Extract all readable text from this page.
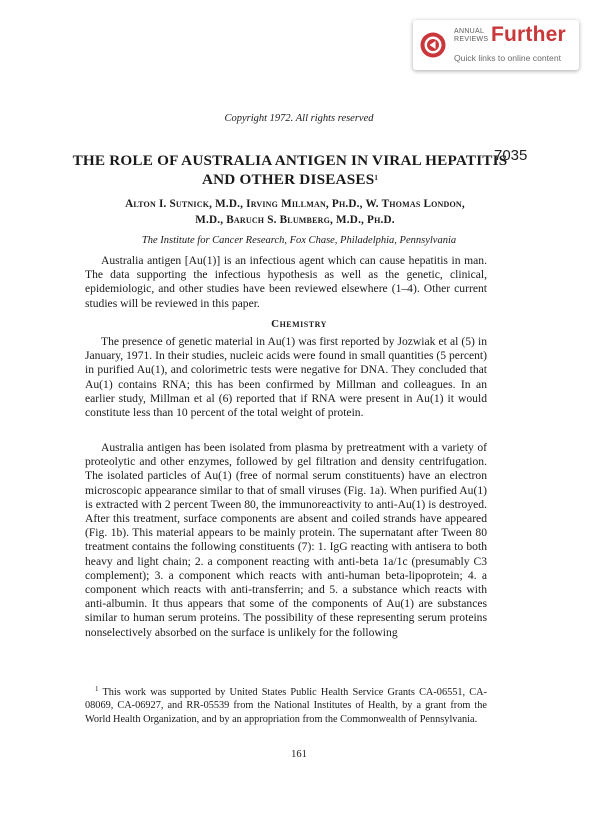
ANNUAL
REVIEWS Further
Quick links to online content
Copyright 1972. All rights reserved
THE ROLE OF AUSTRALIA ANTIGEN IN VIRAL HEPATITIS AND OTHER DISEASES$^1$
7035
Alton I. Sutnick, M.D., Irving Millman, Ph.D., W. Thomas London,
M.D., Baruch S. Blumberg, M.D., Ph.D.
The Institute for Cancer Research, Fox Chase, Philadelphia, Pennsylvania

Australia antigen [Au(1)] is an infectious agent which can cause hepatitis in man. The data supporting the infectious hypothesis as well as the genetic, clinical, epidemiologic, and other studies have been reviewed elsewhere (1–4). Other current studies will be reviewed in this paper.

Chemistry

The presence of genetic material in Au(1) was first reported by Jozwiak et al (5) in January, 1971. In their studies, nucleic acids were found in small quantities (5 percent) in purified Au(1), and colorimetric tests were negative for DNA. They concluded that Au(1) contains RNA; this has been confirmed by Millman and colleagues. In an earlier study, Millman et al (6) reported that if RNA were present in Au(1) it would constitute less than 10 percent of the total weight of protein.

Australia antigen has been isolated from plasma by pretreatment with a variety of proteolytic and other enzymes, followed by gel filtration and density centrifugation. The isolated particles of Au(1) (free of normal serum constituents) have an electron microscopic appearance similar to that of small viruses (Fig. 1a). When purified Au(1) is extracted with 2 percent Tween 80, the immunoreactivity to anti-Au(1) is destroyed. After this treatment, surface components are absent and coiled strands have appeared (Fig. 1b). This material appears to be mainly protein. The supernatant after Tween 80 treatment contains the following constituents (7): 1. IgG reacting with antisera to both heavy and light chain; 2. a component reacting with anti-beta 1a/1c (presumably C3 complement); 3. a component which reacts with anti-human beta-lipoprotein; 4. a component which reacts with anti-transferrin; and 5. a substance which reacts with anti-albumin. It thus appears that some of the components of Au(1) are substances similar to human serum proteins. The possibility of these representing serum proteins nonselectively absorbed on the surface is unlikely for the following

$^1$ This work was supported by United States Public Health Service Grants CA-06551, CA-08069, CA-06927, and RR-05539 from the National Institutes of Health, by a grant from the World Health Organization, and by an appropriation from the Commonwealth of Pennsylvania.

161
